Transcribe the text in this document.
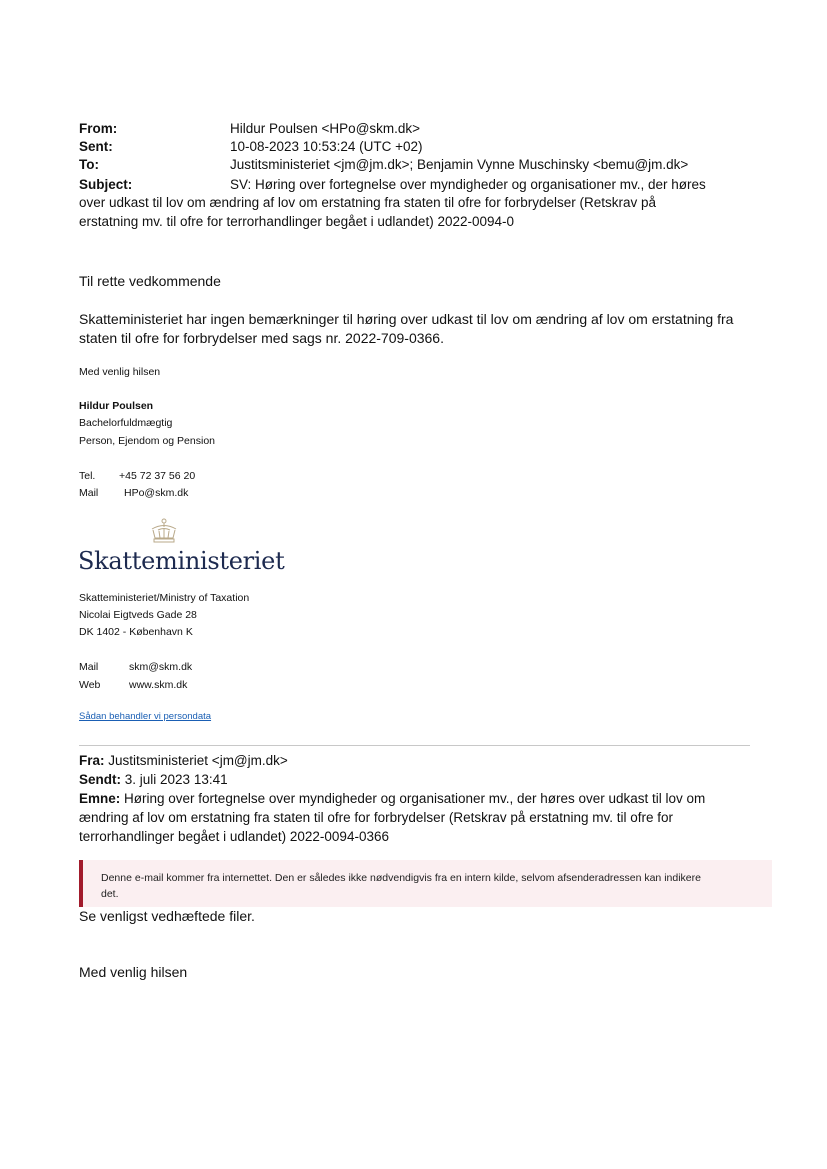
From:	Hildur Poulsen <HPo@skm.dk>
Sent:	10-08-2023 10:53:24 (UTC +02)
To:	Justitsministeriet <jm@jm.dk>; Benjamin Vynne Muschinsky <bemu@jm.dk>
Subject:	SV: Høring over fortegnelse over myndigheder og organisationer mv., der høres
over udkast til lov om ændring af lov om erstatning fra staten til ofre for forbrydelser (Retskrav på
erstatning mv. til ofre for terrorhandlinger begået i udlandet) 2022-0094-0
Til rette vedkommende
Skatteministeriet har ingen bemærkninger til høring over udkast til lov om ændring af lov om erstatning fra
staten til ofre for forbrydelser med sags nr. 2022-709-0366.
Med venlig hilsen
Hildur Poulsen
Bachelorfuldmægtig
Person, Ejendom og Pension
Tel. +45 72 37 56 20
Mail HPo@skm.dk
Skatteministeriet
Skatteministeriet/Ministry of Taxation
Nicolai Eigtveds Gade 28
DK 1402 - København K
Mail	skm@skm.dk
Web	www.skm.dk
Sådan behandler vi persondata
Fra: Justitsministeriet <jm@jm.dk>
Sendt: 3. juli 2023 13:41
Emne: Høring over fortegnelse over myndigheder og organisationer mv., der høres over udkast til lov om
ændring af lov om erstatning fra staten til ofre for forbrydelser (Retskrav på erstatning mv. til ofre for
terrorhandlinger begået i udlandet) 2022-0094-0366
Denne e-mail kommer fra internettet. Den er således ikke nødvendigvis fra en intern kilde, selvom afsenderadressen kan indikere
det.
Se venligst vedhæftede filer.
Med venlig hilsen
